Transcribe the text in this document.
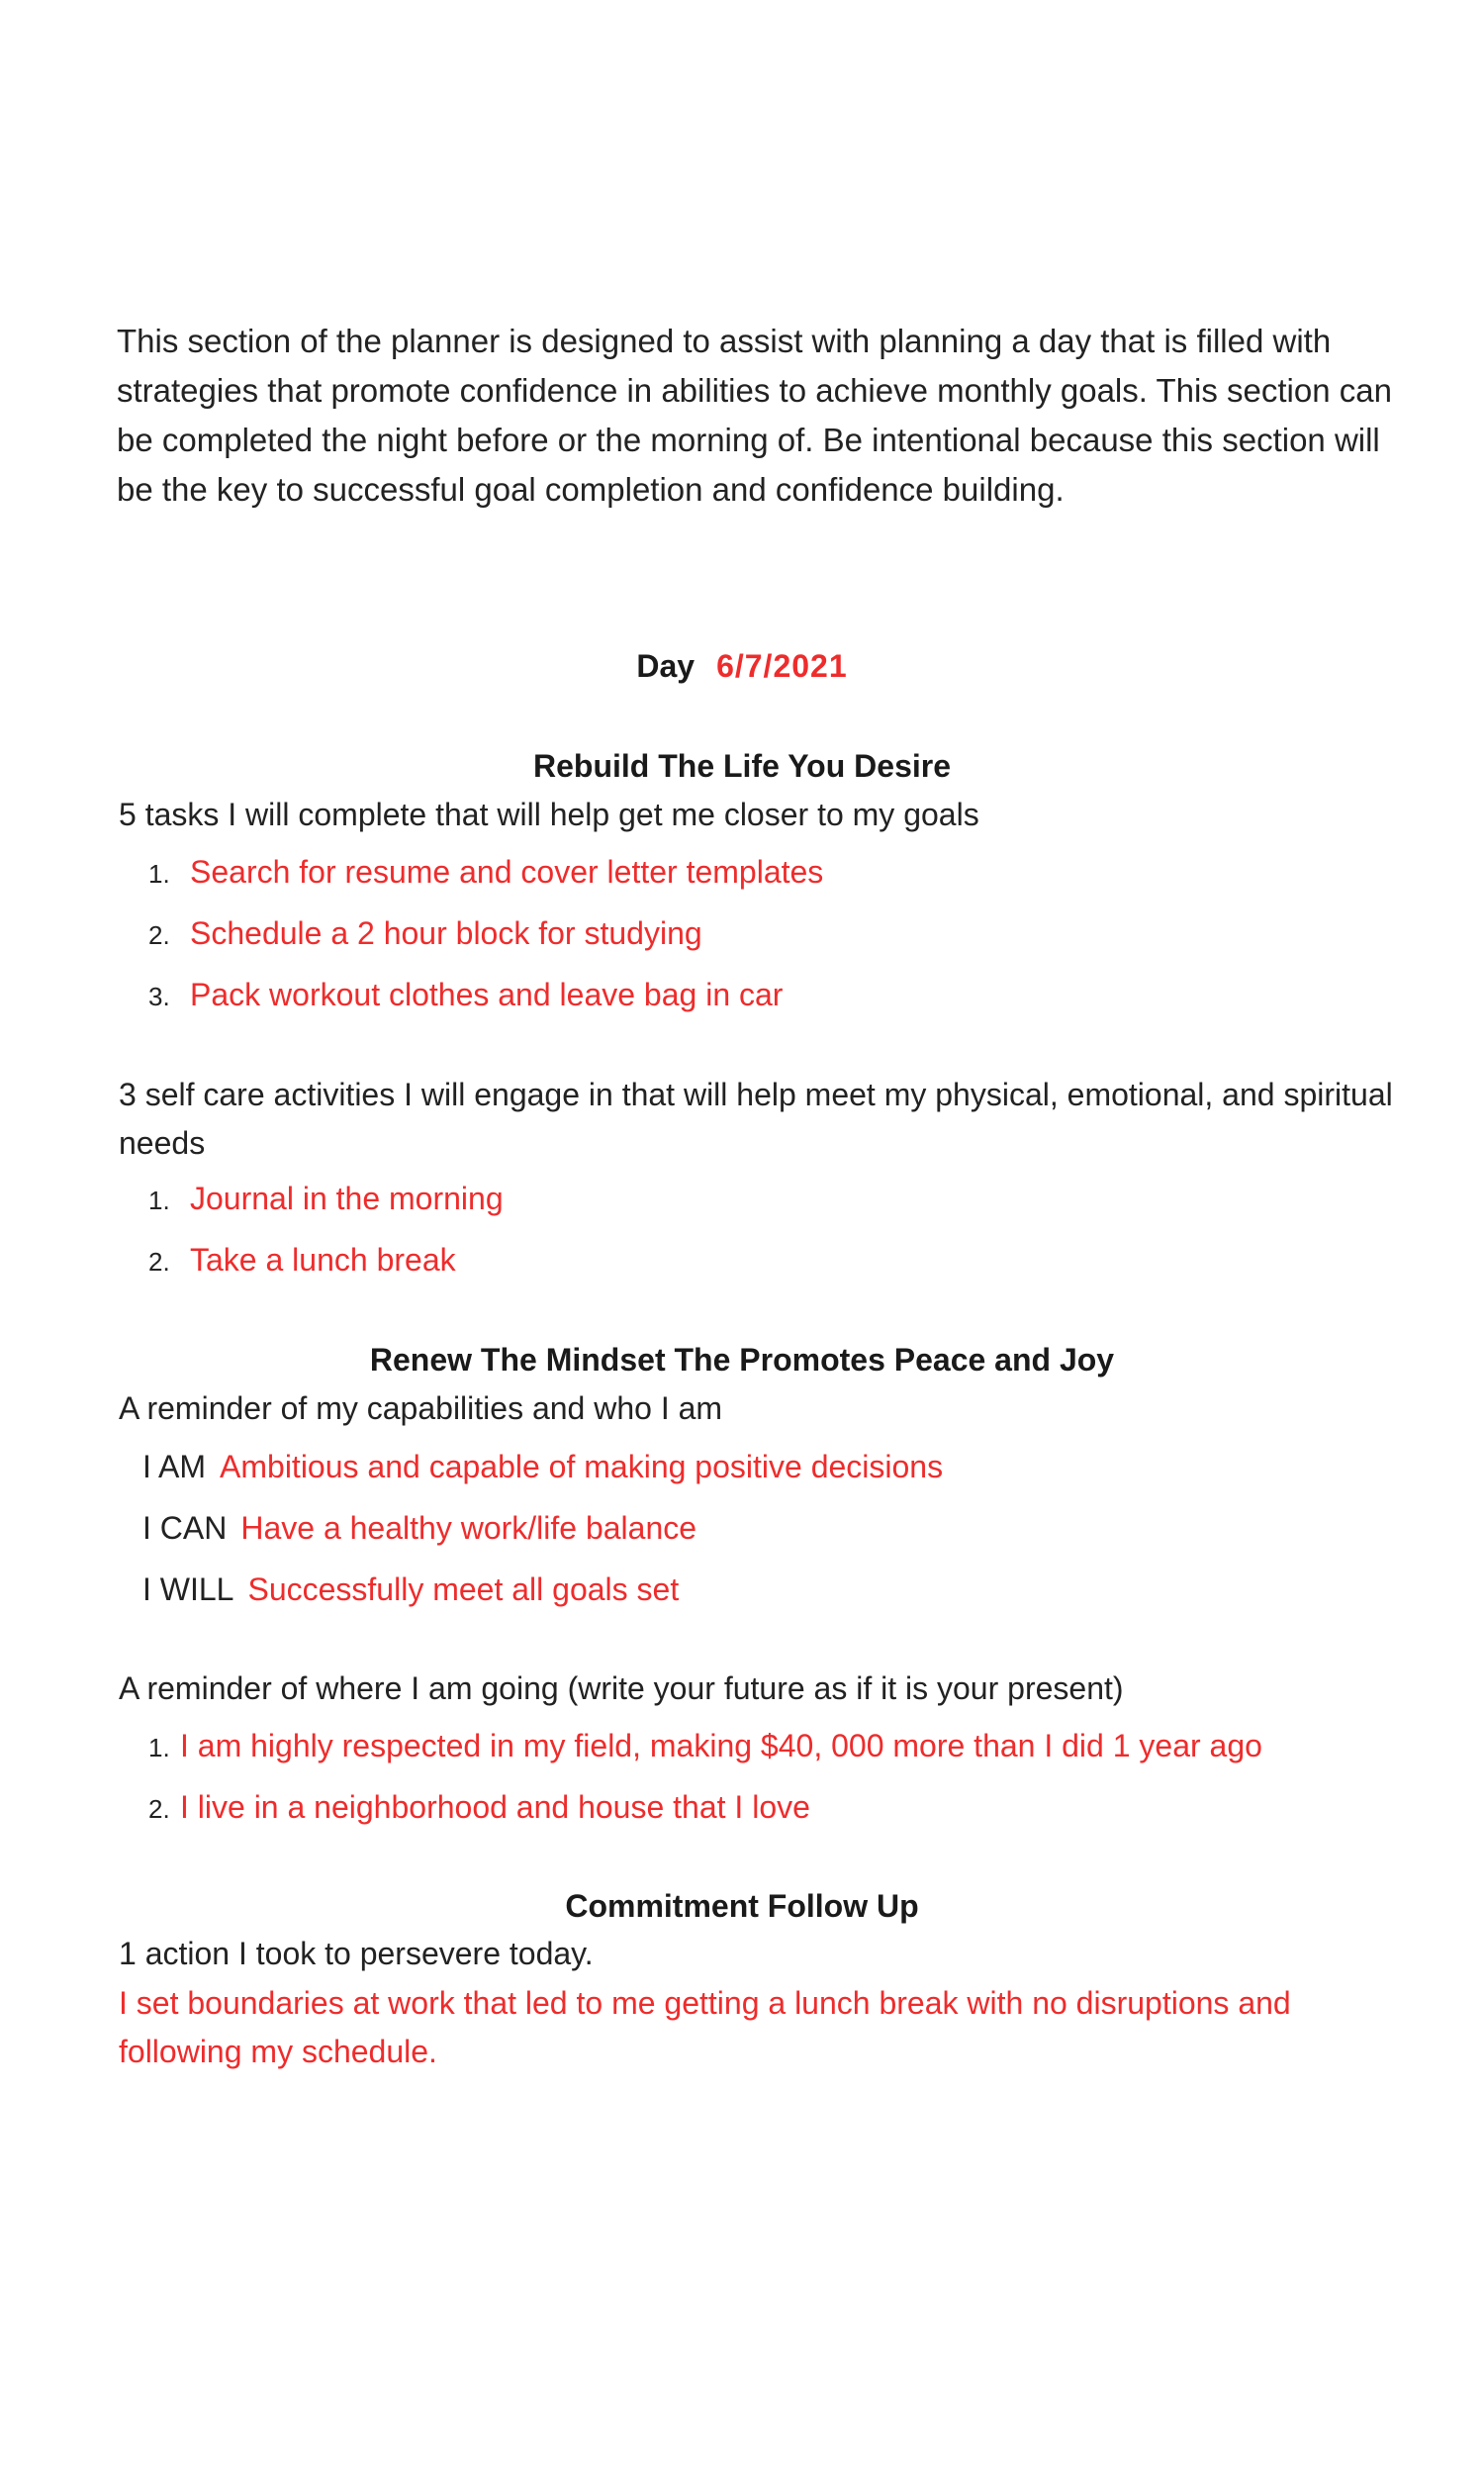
This section of the planner is designed to assist with planning a day that is filled with strategies that promote confidence in abilities to achieve monthly goals. This section can be completed the night before or the morning of. Be intentional because this section will be the key to successful goal completion and confidence building.

Day 6/7/2021
Rebuild The Life You Desire
5 tasks I will complete that will help get me closer to my goals
1. Search for resume and cover letter templates
2. Schedule a 2 hour block for studying
3. Pack workout clothes and leave bag in car
3 self care activities I will engage in that will help meet my physical, emotional, and spiritual needs
1. Journal in the morning
2. Take a lunch break
Renew The Mindset The Promotes Peace and Joy
A reminder of my capabilities and who I am
I AM Ambitious and capable of making positive decisions
I CAN Have a healthy work/life balance
I WILL Successfully meet all goals set
A reminder of where I am going (write your future as if it is your present)
1. I am highly respected in my field, making $40, 000 more than I did 1 year ago
2. I live in a neighborhood and house that I love
Commitment Follow Up
1 action I took to persevere today.
I set boundaries at work that led to me getting a lunch break with no disruptions and following my schedule.
